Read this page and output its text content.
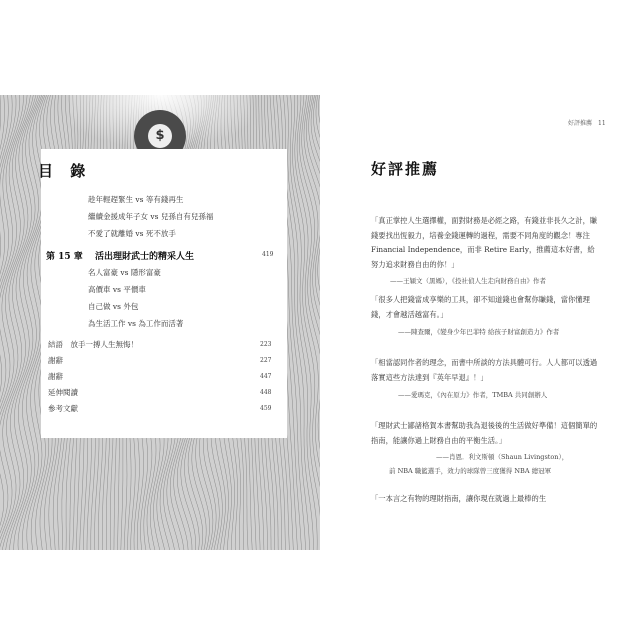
$
目 錄
趁年輕趕緊生 vs 等有錢再生
繼續金援成年子女 vs 兒孫自有兒孫福
不愛了就離婚 vs 死不放手
第 15 章 活出理財武士的精采人生	419
名人富豪 vs 隱形富豪
高價車 vs 平價車
自己做 vs 外包
為生活工作 vs 為工作而活著
結語　放手一搏人生無悔！	223
謝辭	227
謝辭	447
延伸閱讀	448
參考文獻	459
好評推薦　11
好評推薦
「真正掌控人生選擇權，面對財務是必經之路，有錢並非長久之計，賺錢要找出恆毅力，培養金錢運轉的過程，需要不同角度的觀念！專注 Financial Independence，而非 Retire Early，推薦這本好書，給努力追求財務自由的你！」
——王穎文（黑媽），《投社偵人生走向財務自由》作者
「很多人把錢當成享樂的工具，卻不知道錢也會幫你賺錢，當你懂理錢，才會越活越富有。」
——陳查爾，《變身少年巴菲特 給孩子財富創造力》作者
「相當認同作者的理念，而書中所談的方法具體可行。人人都可以透過落實這些方法達到『英年早退』！」
——愛瑪克，《內在原力》作者，TMBA 共同創辦人
「理財武士鄙諸格賀本書幫助我為退後後的生活做好準備！這個簡單的指南，能讓你過上財務自由的平衡生活。」
——肖恩．利文斯頓（Shaun Livingston），
前 NBA 職籃選手，效力的球隊曾三度獲得 NBA 總冠軍
「一本言之有物的理財指南，讓你現在就過上最棒的生
